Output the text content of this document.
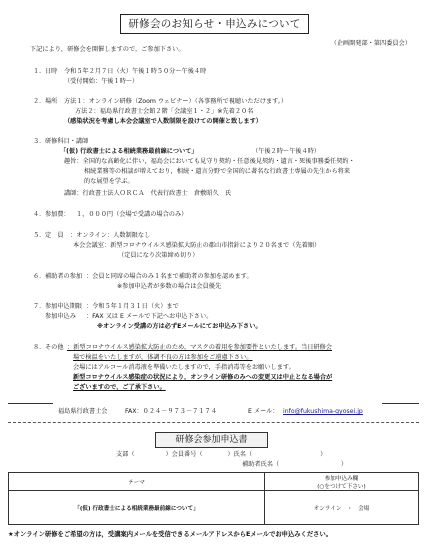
研修会のお知らせ・申込みについて
（企画開発部・第四委員会）
下記により，研修会を開催しますので，ご参加下さい。
１． 日時 令和５年２月７日（火）午後１時５０分～午後４時
（受付開始：午後１時～）
２． 場所 方法１：オンライン研修（Zoom ウェビナー）（各事務所で視聴いただけます。）
方法２：福島県行政書士会館２階「会議室１・２」※先着２０名
（感染状況を考慮し本会会議室で人数制限を設けての開催と致します）
３． 研修科目・講師
「(仮) 行政書士による相続業務最前線について」	（午後２時～午後４時）
趣旨：全国的な高齢化に伴い，福島会においても見守り契約・任意後見契約・遺言・死後事務委任契約・
相続業務等の相談が増えており，相続・遺言分野で全国的に著名な行政書士専属の先生から将来
的な展望を学ぶ。
講師：行政書士法人ＯＲＣＡ　代表行政書士　倉敷昭久　氏
４． 参加費： １，０００円（会場で受講の場合のみ）
５． 定　員 ：オンライン：人数制限なし
本会会議室：新型コロナウイルス感染拡大防止の郡山市指針により２０名まで（先着順）
（定員になり次第締め切り）
６． 補助者の参加 ：会員と同席の場合のみ１名まで補助者の参加を認めます。
※参加申込者が多数の場合は会員優先
７． 参加申込期限 ：令和５年１月３１日（火）まで
参加申込み ：FAX 又は E メールで下記へお申込下さい。
※オンライン受講の方は必ずEメールにてお申込み下さい。
８． その他 ：新型コロナウイルス感染拡大防止のため，マスクの着用を参加要件といたします。当日研修会
場で検温をいたしますが，体調不良の方は参加をご遠慮下さい。
会場にはアルコール消毒液を準備いたしますので，手指消毒等をお願いします。
新型コロナウイルス感染症の状況により，オンライン研修のみへの変更又は中止となる場合が
ございますので，ご了承下さい。
福島県行政書士会	FAX：０２４－９７３－７１７４	E メール： info@fukushima-gyosei.jp
研修会参加申込書
支部（　　　　　）会員番号（　　　　）氏名（　　　　　　　　　　　）
補助者氏名（　　　　　　　　　　）
テーマ	参加申込み欄
(○をつけて下さい)

「(仮) 行政書士による相続業務最前線について」	オンライン　・　会場
★オンライン研修をご希望の方は，受講案内メールを受信できるメールアドレスからEメールでお申込みください。
